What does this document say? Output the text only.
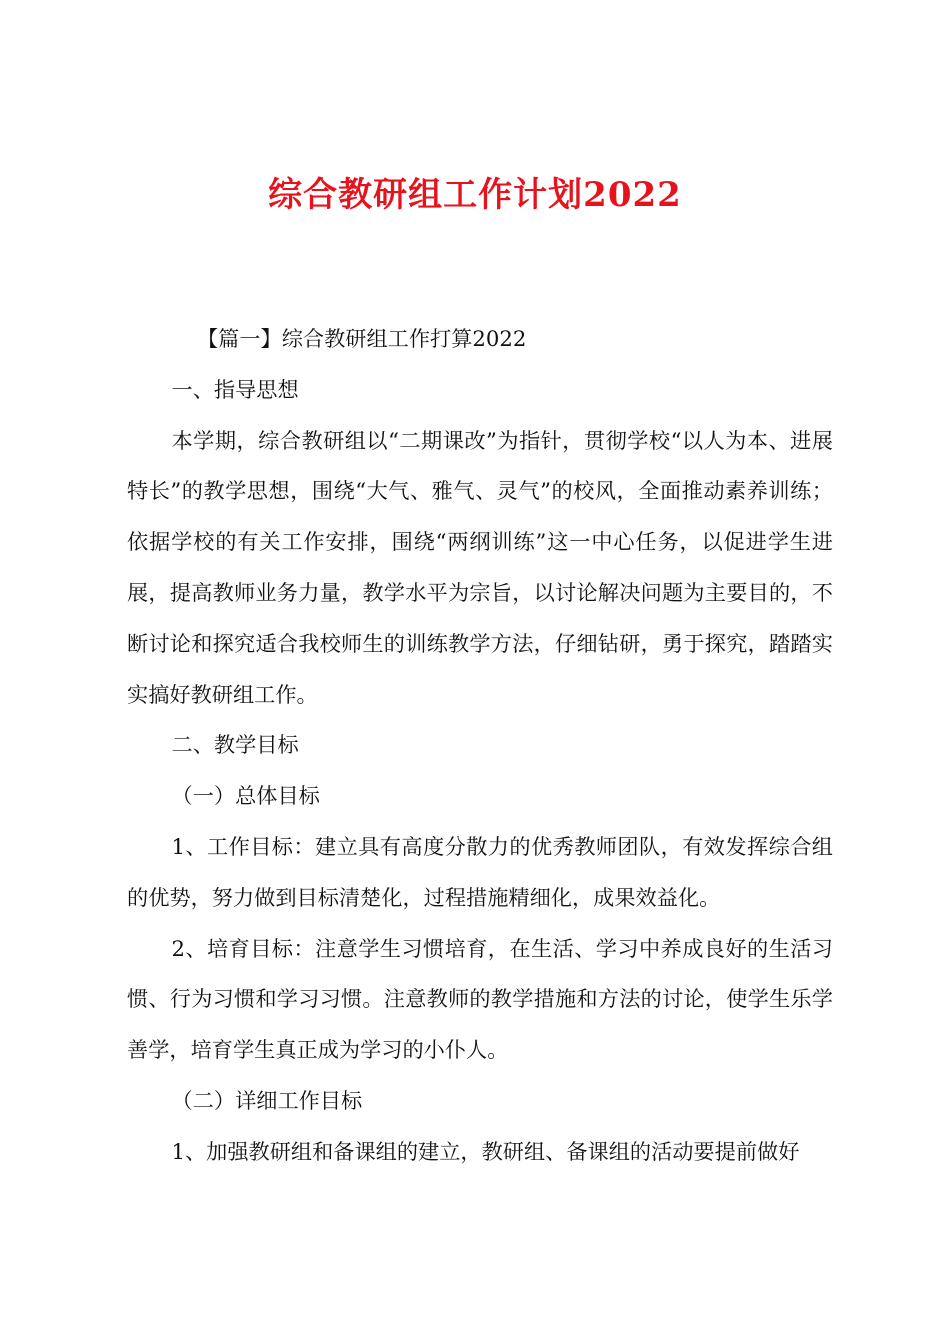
综合教研组工作计划2022

【篇一】综合教研组工作打算2022

一、指导思想

本学期，综合教研组以“二期课改”为指针，贯彻学校“以人为本、进展特长”的教学思想，围绕“大气、雅气、灵气”的校风，全面推动素养训练；依据学校的有关工作安排，围绕“两纲训练”这一中心任务，以促进学生进展，提高教师业务力量，教学水平为宗旨，以讨论解决问题为主要目的，不断讨论和探究适合我校师生的训练教学方法，仔细钻研，勇于探究，踏踏实实搞好教研组工作。

二、教学目标

（一）总体目标

1、工作目标：建立具有高度分散力的优秀教师团队，有效发挥综合组的优势，努力做到目标清楚化，过程措施精细化，成果效益化。

2、培育目标：注意学生习惯培育，在生活、学习中养成良好的生活习惯、行为习惯和学习习惯。注意教师的教学措施和方法的讨论，使学生乐学善学，培育学生真正成为学习的小仆人。

（二）详细工作目标

1、加强教研组和备课组的建立，教研组、备课组的活动要提前做好
